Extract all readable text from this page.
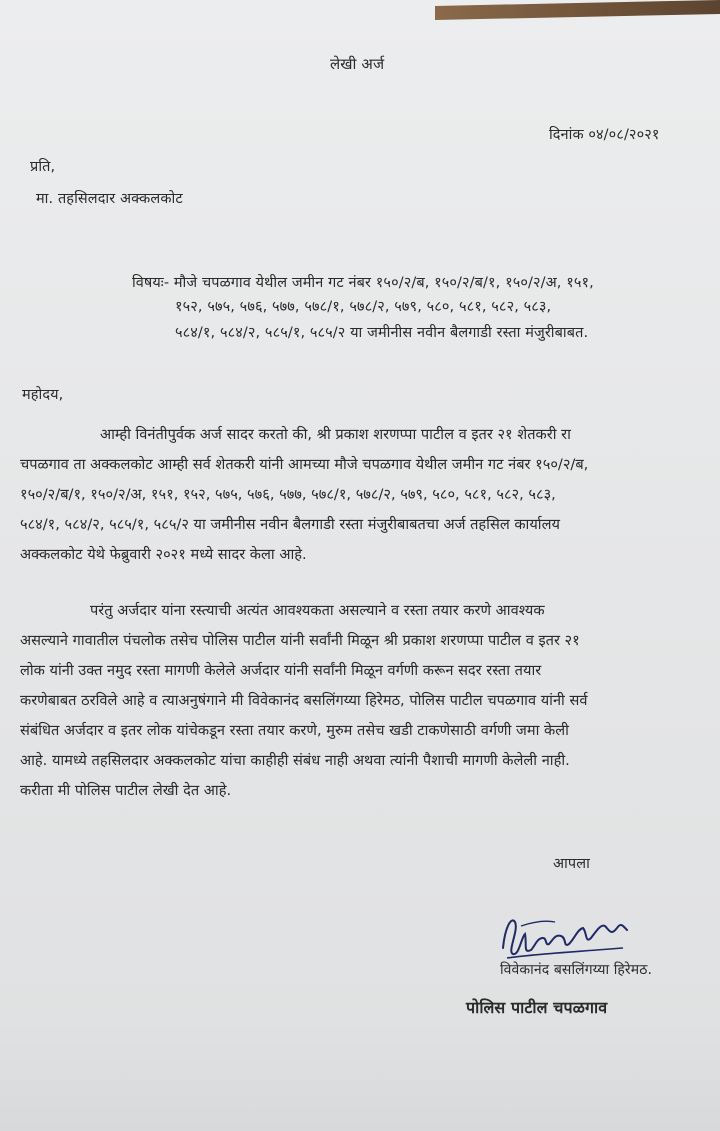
लेखी अर्ज
दिनांक ०४/०८/२०२१
प्रति,
मा. तहसिलदार अक्कलकोट
विषयः- मौजे चपळगाव येथील जमीन गट नंबर १५०/२/ब, १५०/२/ब/१, १५०/२/अ, १५१,
१५२, ५७५, ५७६, ५७७, ५७८/१, ५७८/२, ५७९, ५८०, ५८१, ५८२, ५८३,
५८४/१, ५८४/२, ५८५/१, ५८५/२ या जमीनीस नवीन बैलगाडी रस्ता मंजुरीबाबत.
महोदय,
आम्ही विनंतीपुर्वक अर्ज सादर करतो की, श्री प्रकाश शरणप्पा पाटील व इतर २१ शेतकरी रा
चपळगाव ता अक्कलकोट आम्ही सर्व शेतकरी यांनी आमच्या मौजे चपळगाव येथील जमीन गट नंबर १५०/२/ब,
१५०/२/ब/१, १५०/२/अ, १५१, १५२, ५७५, ५७६, ५७७, ५७८/१, ५७८/२, ५७९, ५८०, ५८१, ५८२, ५८३,
५८४/१, ५८४/२, ५८५/१, ५८५/२ या जमीनीस नवीन बैलगाडी रस्ता मंजुरीबाबतचा अर्ज तहसिल कार्यालय
अक्कलकोट येथे फेब्रुवारी २०२१ मध्ये सादर केला आहे.
परंतु अर्जदार यांना रस्त्याची अत्यंत आवश्यकता असल्याने व रस्ता तयार करणे आवश्यक
असल्याने गावातील पंचलोक तसेच पोलिस पाटील यांनी सर्वांनी मिळून श्री प्रकाश शरणप्पा पाटील व इतर २१
लोक यांनी उक्त नमुद रस्ता मागणी केलेले अर्जदार यांनी सर्वांनी मिळून वर्गणी करून सदर रस्ता तयार
करणेबाबत ठरविले आहे व त्याअनुषंगाने मी विवेकानंद बसलिंगय्या हिरेमठ, पोलिस पाटील चपळगाव यांनी सर्व
संबंधित अर्जदार व इतर लोक यांचेकडून रस्ता तयार करणे, मुरुम तसेच खडी टाकणेसाठी वर्गणी जमा केली
आहे. यामध्ये तहसिलदार अक्कलकोट यांचा काहीही संबंध नाही अथवा त्यांनी पैशाची मागणी केलेली नाही.
करीता मी पोलिस पाटील लेखी देत आहे.
आपला
विवेकानंद बसलिंगय्या हिरेमठ.
पोलिस पाटील चपळगाव
